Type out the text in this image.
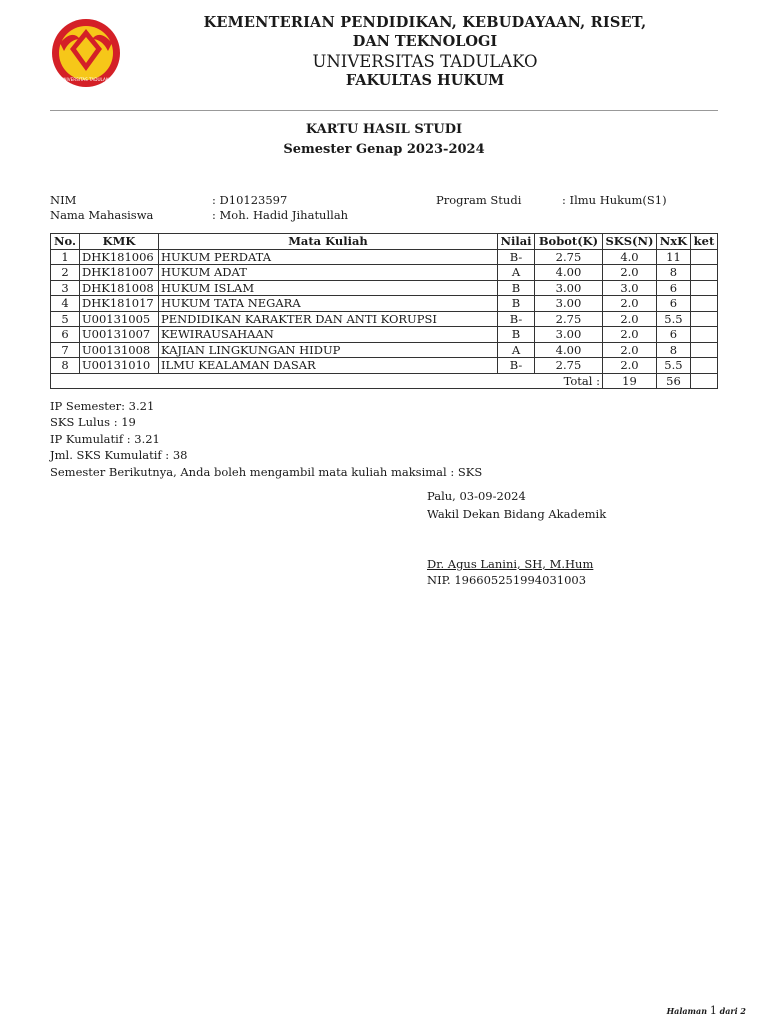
UNIVERSITAS TADULAKO
KEMENTERIAN PENDIDIKAN, KEBUDAYAAN, RISET,
DAN TEKNOLOGI
UNIVERSITAS TADULAKO
FAKULTAS HUKUM
KARTU HASIL STUDI
Semester Genap 2023-2024
NIM	: D10123597
Nama Mahasiswa	: Moh. Hadid Jihatullah
Program Studi	: Ilmu Hukum(S1)
No.	KMK	Mata Kuliah	Nilai	Bobot(K)	SKS(N)	NxK	ket
1	DHK181006	HUKUM PERDATA	B-	2.75	4.0	11	
2	DHK181007	HUKUM ADAT	A	4.00	2.0	8	
3	DHK181008	HUKUM ISLAM	B	3.00	3.0	6	
4	DHK181017	HUKUM TATA NEGARA	B	3.00	2.0	6	
5	U00131005	PENDIDIKAN KARAKTER DAN ANTI KORUPSI	B-	2.75	2.0	5.5	
6	U00131007	KEWIRAUSAHAAN	B	3.00	2.0	6	
7	U00131008	KAJIAN LINGKUNGAN HIDUP	A	4.00	2.0	8	
8	U00131010	ILMU KEALAMAN DASAR	B-	2.75	2.0	5.5	
Total :					19	56	
IP Semester: 3.21
SKS Lulus : 19
IP Kumulatif : 3.21
Jml. SKS Kumulatif : 38
Semester Berikutnya, Anda boleh mengambil mata kuliah maksimal : SKS
Palu, 03-09-2024
Wakil Dekan Bidang Akademik
Dr. Agus Lanini, SH, M.Hum
NIP. 196605251994031003
Halaman 1 dari 2
